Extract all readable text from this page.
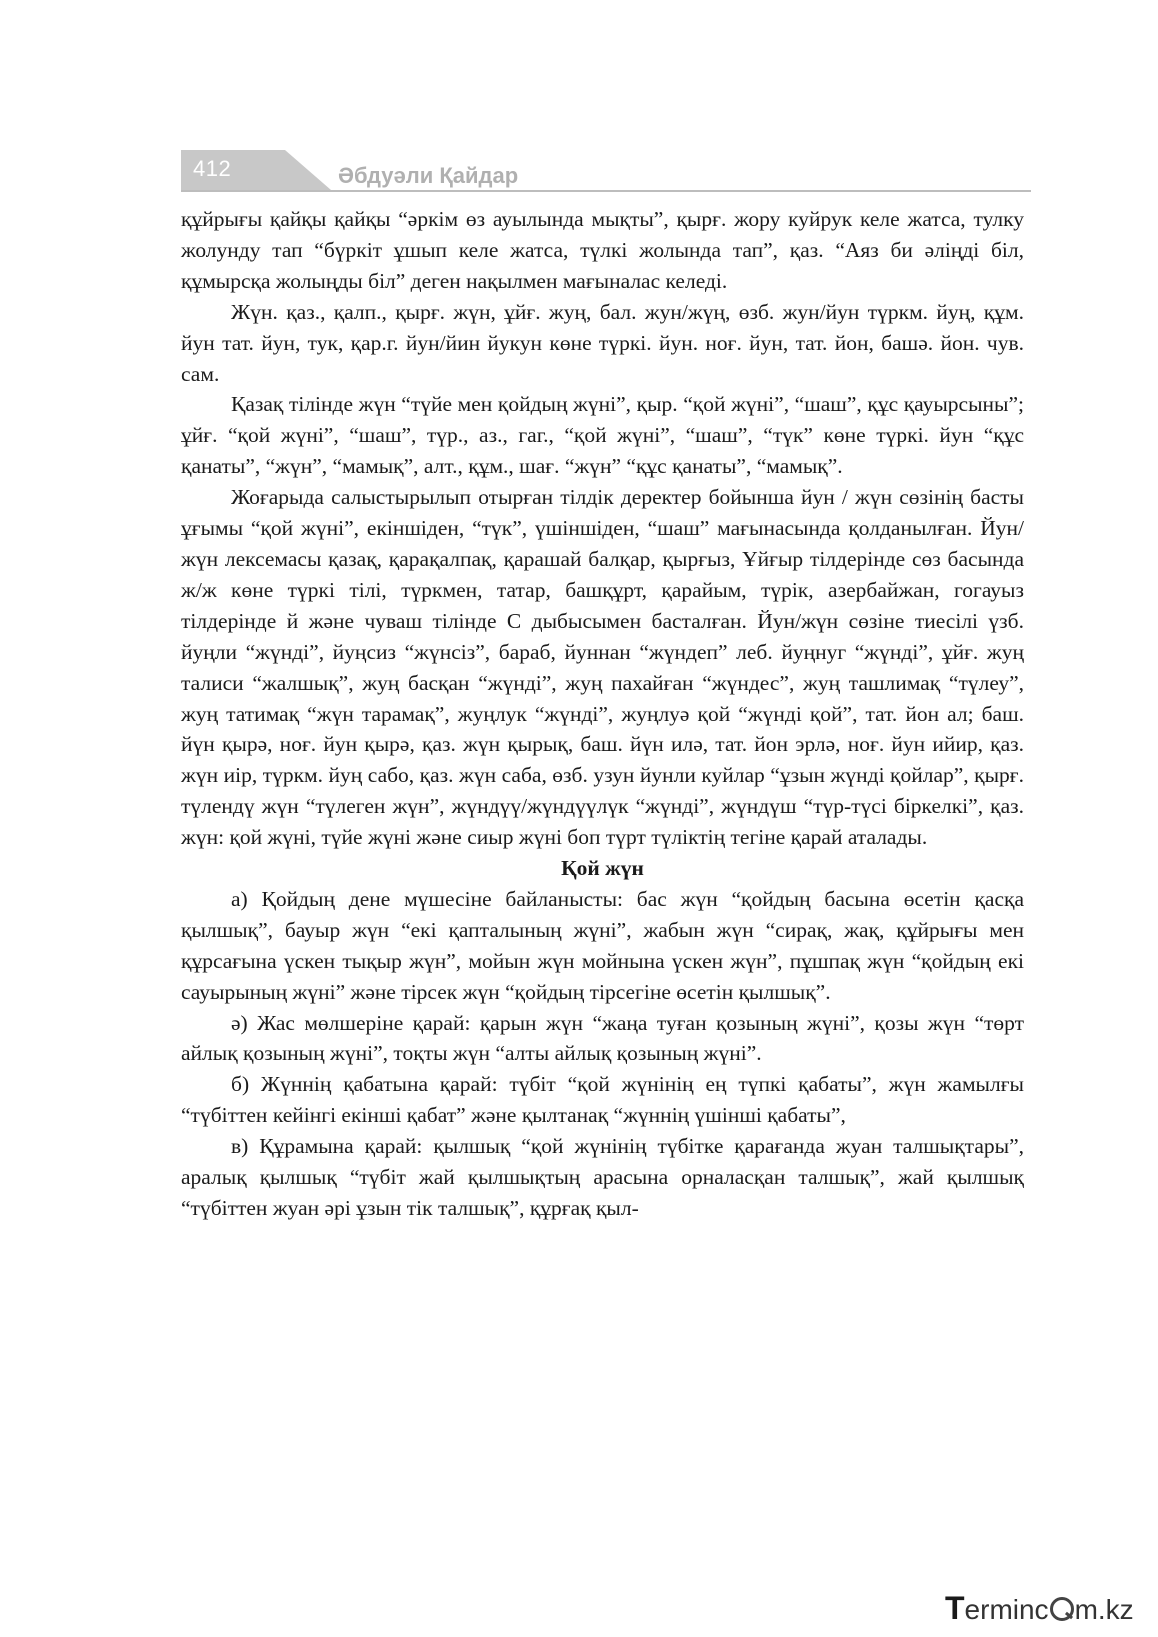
412	Әбдуәли Қайдар

құйрығы қайқы қайқы “әркім өз ауылында мықты”, қырғ. жору куйрук келе жатса, тулку жолунду тап “бүркіт ұшып келе жатса, түлкі жолында тап”, қаз. “Аяз би әліңді біл, құмырсқа жолыңды біл” деген нақылмен мағыналас келеді.

Жүн. қаз., қалп., қырғ. жүн, ұйғ. жуң, бал. жун/жүң, өзб. жун/йун түркм. йуң, құм. йун тат. йун, тук, қар.г. йун/йин йукун көне түркі. йун. ноғ. йун, тат. йон, башә. йон. чув. сам.

Қазақ тілінде жүн “түйе мен қойдың жүні”, қыр. “қой жүні”, “шаш”, құс қауырсыны”; ұйғ. “қой жүні”, “шаш”, түр., аз., гаг., “қой жүні”, “шаш”, “түк” көне түркі. йун “құс қанаты”, “жүн”, “мамық”, алт., құм., шағ. “жүн” “құс қанаты”, “мамық”.

Жоғарыда салыстырылып отырған тілдік деректер бойынша йун / жүн сөзінің басты ұғымы “қой жүні”, екіншіден, “түк”, үшіншіден, “шаш” мағынасында қолданылған. Йун/жүн лексемасы қазақ, қарақалпақ, қарашай балқар, қырғыз, Ұйғыр тілдерінде сөз басында ж/ж көне түркі тілі, түркмен, татар, башқұрт, қарайым, түрік, азербайжан, гогауыз тілдерінде й және чуваш тілінде С дыбысымен басталған. Йун/жүн сөзіне тиесілі үзб. йуңли “жүнді”, йуңсиз “жүнсіз”, бараб, йуннан “жүндеп” леб. йуңнуг “жүнді”, ұйғ. жуң талиси “жалшық”, жуң басқан “жүнді”, жуң пахайған “жүндес”, жуң ташлимақ “түлеу”, жуң татимақ “жүн тарамақ”, жуңлук “жүнді”, жуңлуә қой “жүнді қой”, тат. йон ал; баш. йүн қырә, ноғ. йун қырә, қаз. жүн қырық, баш. йүн илә, тат. йон эрлә, ноғ. йун ийир, қаз. жүн иір, түркм. йуң сабо, қаз. жүн саба, өзб. узун йунли куйлар “ұзын жүнді қойлар”, қырғ. түлендү жүн “түлеген жүн”, жүндүү/жүндүүлүк “жүнді”, жүндүш “түр-түсі біркелкі”, қаз. жүн: қой жүні, түйе жүні және сиыр жүні боп түрт түліктің тегіне қарай аталады.

Қой жүн

а) Қойдың дене мүшесіне байланысты: бас жүн “қойдың басына өсетін қасқа қылшық”, бауыр жүн “екі қапталының жүні”, жабын жүн “сирақ, жақ, құйрығы мен құрсағына үскен тықыр жүн”, мойын жүн мойнына үскен жүн”, пұшпақ жүн “қойдың екі сауырының жүні” және тірсек жүн “қойдың тірсегіне өсетін қылшық”.

ә) Жас мөлшеріне қарай: қарын жүн “жаңа туған қозының жүні”, қозы жүн “төрт айлық қозының жүні”, тоқты жүн “алты айлық қозының жүні”.

б) Жүннің қабатына қарай: түбіт “қой жүнінің ең түпкі қабаты”, жүн жамылғы “түбіттен кейінгі екінші қабат” және қылтанақ “жүннің үшінші қабаты”,

в) Құрамына қарай: қылшық “қой жүнінің түбітке қарағанда жуан талшықтары”, аралық қылшық “түбіт жай қылшықтың арасына орналасқан талшық”, жай қылшық “түбіттен жуан әрі ұзын тік талшық”, құрғақ қыл-

Terminc m.kz
